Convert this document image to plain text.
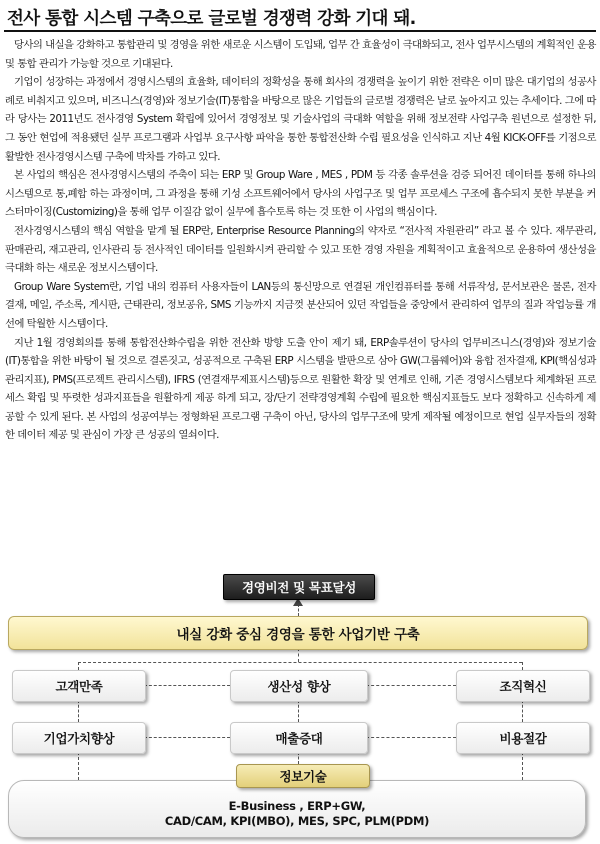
전사 통합 시스템 구축으로 글로벌 경쟁력 강화 기대 돼.

당사의 내실을 강화하고 통합관리 및 경영을 위한 새로운 시스템이 도입돼, 업무 간 효율성이 극대화되고, 전사 업무시스템의 계획적인 운용 및 통합 관리가 가능할 것으로 기대된다.

기업이 성장하는 과정에서 경영시스템의 효율화, 데이터의 정확성을 통해 회사의 경쟁력을 높이기 위한 전략은 이미 많은 대기업의 성공사례로 비춰지고 있으며, 비즈니스(경영)와 정보기술(IT)통합을 바탕으로 많은 기업들의 글로벌 경쟁력은 날로 높아지고 있는 추세이다. 그에 따라 당사는 2011년도 전사경영 System 확립에 있어서 경영정보 및 기술사업의 극대화 역할을 위해 정보전략 사업구축 원년으로 설정한 뒤, 그 동안 현업에 적용됐던 실무 프로그램과 사업부 요구사항 파악을 통한 통합전산화 수립 필요성을 인식하고 지난 4월 KICK-OFF를 기점으로 활발한 전사경영시스템 구축에 박차를 가하고 있다.

본 사업의 핵심은 전사경영시스템의 주축이 되는 ERP 및 Group Ware , MES , PDM 등 각종 솔루션을 검증 되어진 데이터를 통해 하나의 시스템으로 통,폐합 하는 과정이며, 그 과정을 통해 기성 소프트웨어에서 당사의 사업구조 및 업무 프로세스 구조에 흡수되지 못한 부분을 커스터마이징(Customizing)을 통해 업무 이질감 없이 실무에 흡수토록 하는 것 또한 이 사업의 핵심이다.

전사경영시스템의 핵심 역할을 맡게 될 ERP란, Enterprise Resource Planning의 약자로 “전사적 자원관리” 라고 볼 수 있다. 재무관리, 판매관리, 재고관리, 인사관리 등 전사적인 데이터를 일원화시켜 관리할 수 있고 또한 경영 자원을 계획적이고 효율적으로 운용하여 생산성을 극대화 하는 새로운 정보시스템이다.

Group Ware System란, 기업 내의 컴퓨터 사용자들이 LAN등의 통신망으로 연결된 개인컴퓨터를 통해 서류작성, 문서보관은 물론, 전자결재, 메일, 주소록, 게시판, 근태관리, 정보공유, SMS 기능까지 지금껏 분산되어 있던 작업들을 중앙에서 관리하여 업무의 질과 작업능률 개선에 탁월한 시스템이다.

지난 1월 경영회의를 통해 통합전산화수립을 위한 전산화 방향 도출 안이 제기 돼, ERP솔루션이 당사의 업무비즈니스(경영)와 정보기술(IT)통합을 위한 바탕이 될 것으로 결론짓고, 성공적으로 구축된 ERP 시스템을 발판으로 삼아 GW(그룹웨어)와 융합 전자결재, KPI(핵심성과 관리지표), PMS(프로젝트 관리시스템), IFRS (연결재무제표시스템)등으로 원활한 확장 및 연계로 인해, 기존 경영시스템보다 체계화된 프로세스 확립 및 뚜렷한 성과지표들을 원활하게 제공 하게 되고, 장/단기 전략경영계획 수립에 필요한 핵심지표들도 보다 정확하고 신속하게 제공할 수 있게 된다. 본 사업의 성공여부는 정형화된 프로그램 구축이 아닌, 당사의 업무구조에 맞게 제작될 예정이므로 현업 실무자들의 정확한 데이터 제공 및 관심이 가장 큰 성공의 열쇠이다.

경영비전 및 목표달성
내실 강화 중심 경영을 통한 사업기반 구축
고객만족	생산성 향상	조직혁신
기업가치향상	매출증대	비용절감
E-Business , ERP+GW,
CAD/CAM, KPI(MBO), MES, SPC, PLM(PDM)
정보기술
